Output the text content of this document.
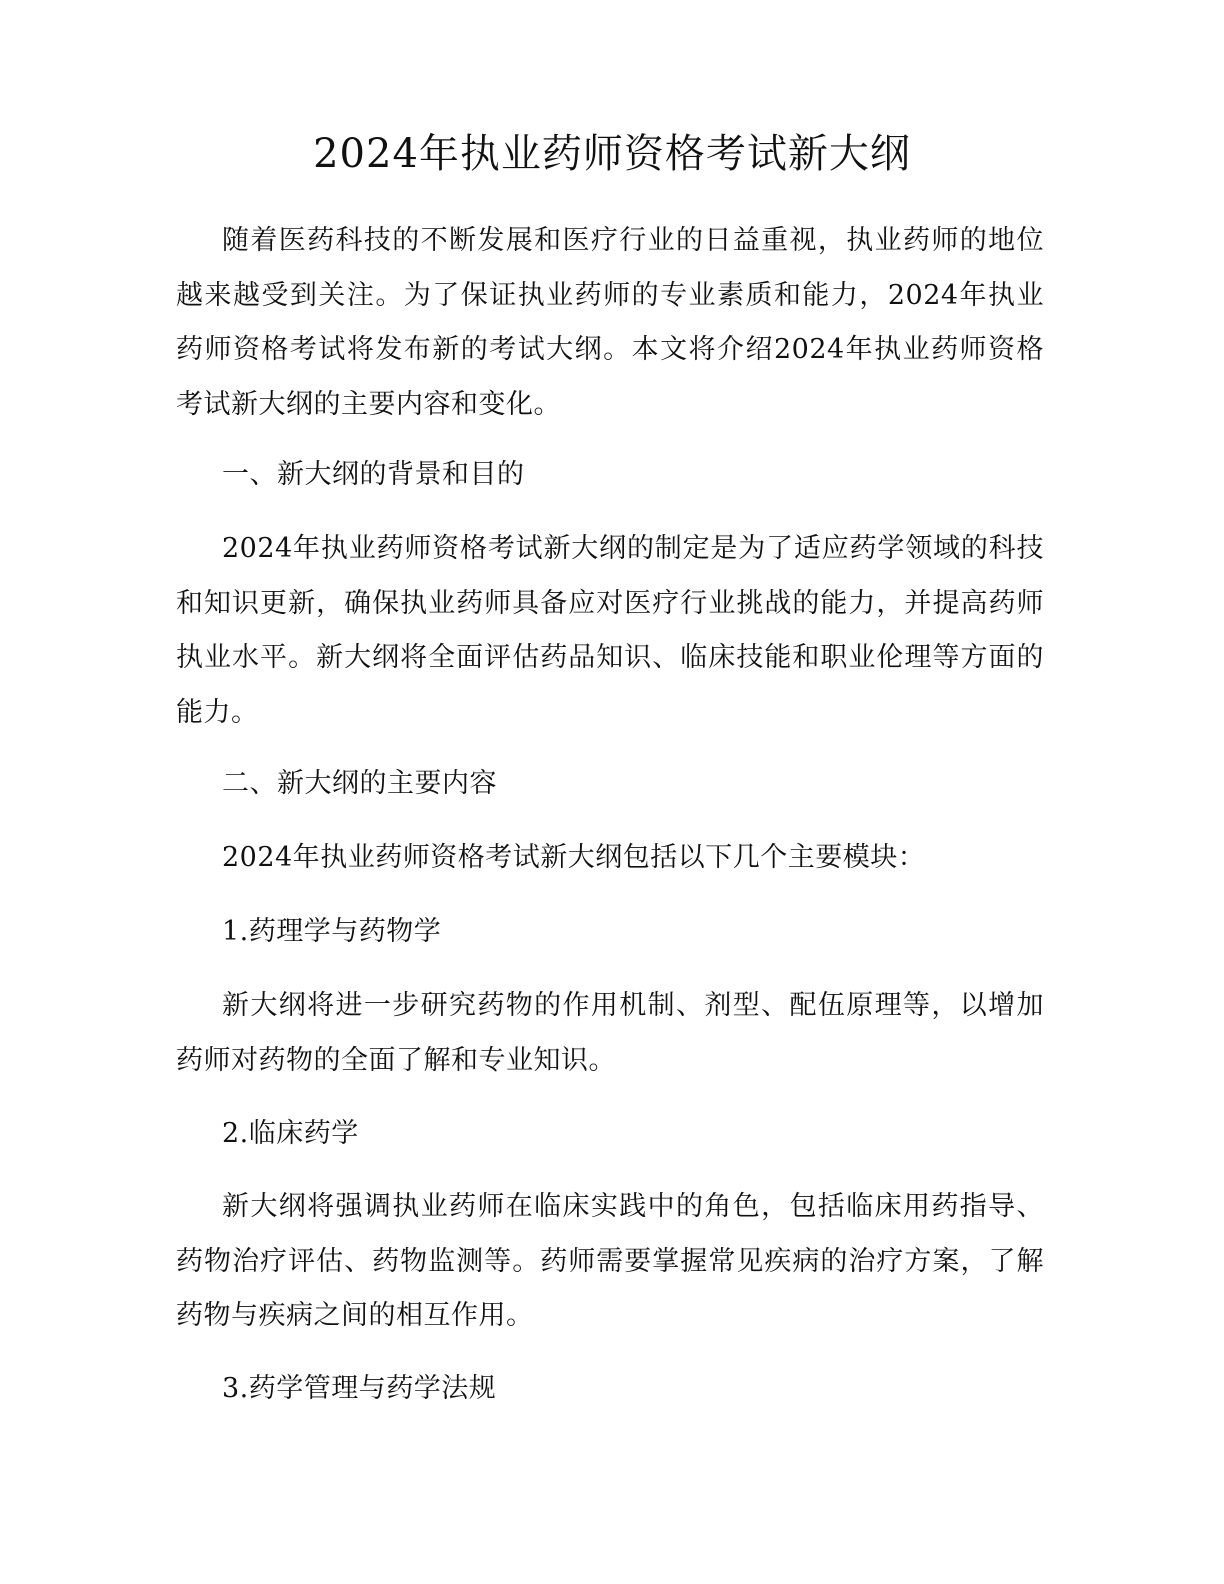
2024年执业药师资格考试新大纲

随着医药科技的不断发展和医疗行业的日益重视，执业药师的地位越来越受到关注。为了保证执业药师的专业素质和能力，2024年执业药师资格考试将发布新的考试大纲。本文将介绍2024年执业药师资格考试新大纲的主要内容和变化。

一、新大纲的背景和目的

2024年执业药师资格考试新大纲的制定是为了适应药学领域的科技和知识更新，确保执业药师具备应对医疗行业挑战的能力，并提高药师执业水平。新大纲将全面评估药品知识、临床技能和职业伦理等方面的能力。

二、新大纲的主要内容

2024年执业药师资格考试新大纲包括以下几个主要模块：

1.药理学与药物学

新大纲将进一步研究药物的作用机制、剂型、配伍原理等，以增加药师对药物的全面了解和专业知识。

2.临床药学

新大纲将强调执业药师在临床实践中的角色，包括临床用药指导、药物治疗评估、药物监测等。药师需要掌握常见疾病的治疗方案，了解药物与疾病之间的相互作用。

3.药学管理与药学法规
